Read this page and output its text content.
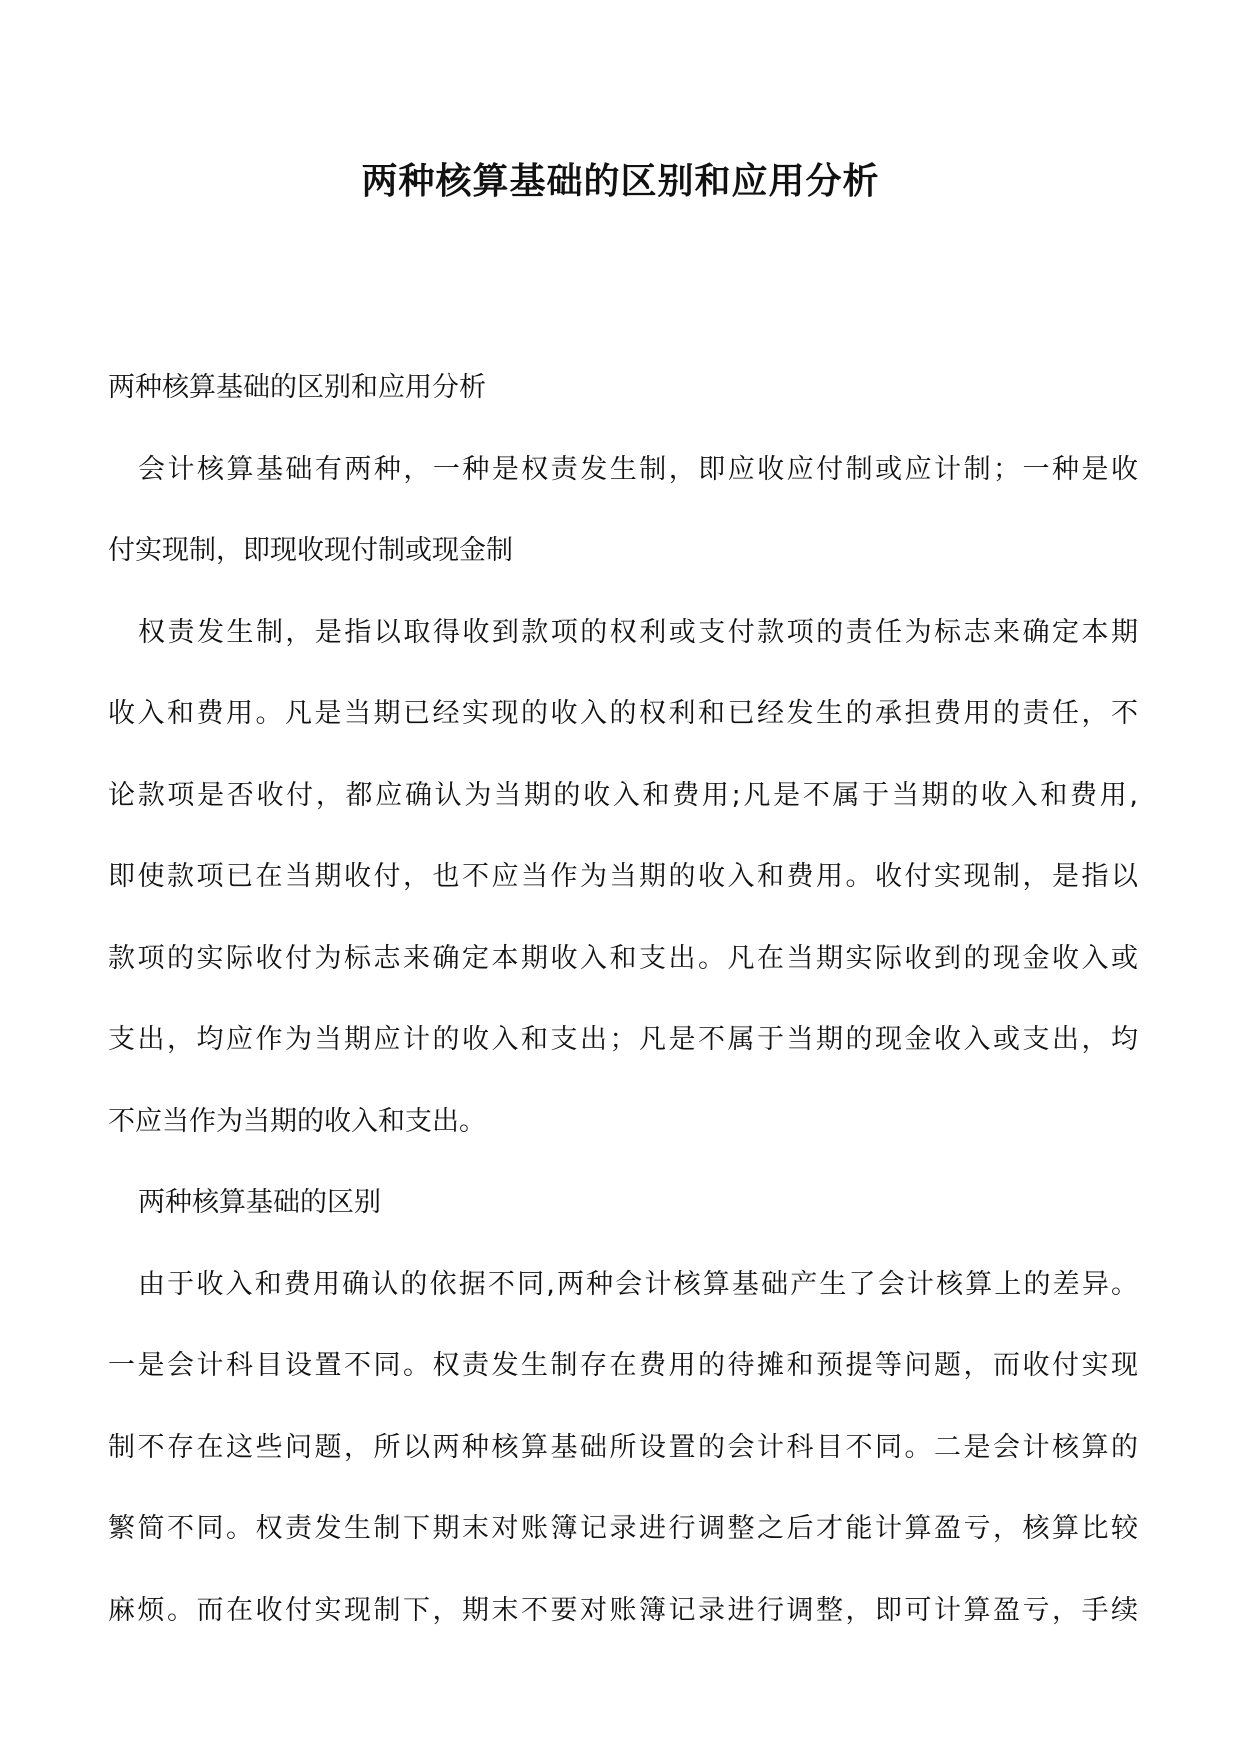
两种核算基础的区别和应用分析
两种核算基础的区别和应用分析
会计核算基础有两种，一种是权责发生制，即应收应付制或应计制；一种是收
付实现制，即现收现付制或现金制
权责发生制，是指以取得收到款项的权利或支付款项的责任为标志来确定本期
收入和费用。凡是当期已经实现的收入的权利和已经发生的承担费用的责任，不
论款项是否收付，都应确认为当期的收入和费用;凡是不属于当期的收入和费用,
即使款项已在当期收付，也不应当作为当期的收入和费用。收付实现制，是指以
款项的实际收付为标志来确定本期收入和支出。凡在当期实际收到的现金收入或
支出，均应作为当期应计的收入和支出；凡是不属于当期的现金收入或支出，均
不应当作为当期的收入和支出。
两种核算基础的区别
由于收入和费用确认的依据不同,两种会计核算基础产生了会计核算上的差异。
一是会计科目设置不同。权责发生制存在费用的待摊和预提等问题，而收付实现
制不存在这些问题，所以两种核算基础所设置的会计科目不同。二是会计核算的
繁简不同。权责发生制下期末对账簿记录进行调整之后才能计算盈亏，核算比较
麻烦。而在收付实现制下，期末不要对账簿记录进行调整，即可计算盈亏，手续
